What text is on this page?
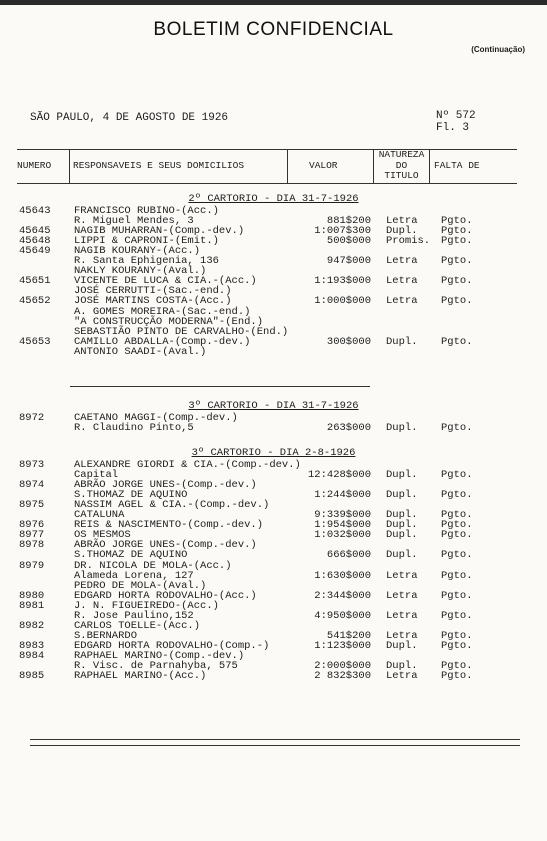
BOLETIM CONFIDENCIAL
(Continuação)
SÃO PAULO, 4 DE AGOSTO DE 1926	Nº 572
Fl. 3
NUMERO RESPONSAVEIS E SEUS DOMICILIOS	VALOR
NATUREZA
DO
TITULO
FALTA DE
2º CARTORIO - DIA 31-7-1926
45643 FRANCISCO RUBINO-(Acc.)
R. Miguel Mendes, 3	881$200 Letra Pgto.
45645 NAGIB MUHARRAN-(Comp.-dev.)	1:007$300 Dupl. Pgto.
45648 LIPPI & CAPRONI-(Emit.)	500$000 Promis. Pgto.
45649 NAGIB KOURANY-(Acc.)
R. Santa Ephigenia, 136	947$000 Letra Pgto.
NAKLY KOURANY-(Aval.)
45651 VICENTE DE LUCA & CIA.-(Acc.)	1:193$000 Letra Pgto.
JOSÉ CERRUTTI-(Sac.-end.)
45652 JOSÉ MARTINS COSTA-(Acc.)	1:000$000 Letra Pgto.
A. GOMES MOREIRA-(Sac.-end.)
"A CONSTRUCÇÃO MODERNA"-(End.)
SEBASTIÃO PINTO DE CARVALHO-(End.)
45653 CAMILLO ABDALLA-(Comp.-dev.)	300$000 Dupl. Pgto.
ANTONIO SAADI-(Aval.)
3º CARTORIO - DIA 31-7-1926
8972	CAETANO MAGGI-(Comp.-dev.)
R. Claudino Pinto,5	263$000 Dupl. Pgto.
3º CARTORIO - DIA 2-8-1926
8973	ALEXANDRE GIORDI & CIA.-(Comp.-dev.)
Capital	12:428$000 Dupl. Pgto.
8974	ABRÃO JORGE UNES-(Comp.-dev.)
S.THOMAZ DE AQUINO	1:244$000 Dupl. Pgto.
8975	NASSIM AGEL & CIA.-(Comp.-dev.)
CATALUNA	9:339$000 Dupl. Pgto.
8976	REIS & NASCIMENTO-(Comp.-dev.)	1:954$000 Dupl. Pgto.
8977	OS MESMOS	1:032$000 Dupl. Pgto.
8978	ABRÃO JORGE UNES-(Comp.-dev.)
S.THOMAZ DE AQUINO	666$000 Dupl. Pgto.
8979	DR. NICOLA DE MOLA-(Acc.)
Alameda Lorena, 127	1:630$000 Letra Pgto.
PEDRO DE MOLA-(Aval.)
8980	EDGARD HORTA RODOVALHO-(Acc.)	2:344$000 Letra Pgto.
8981	J. N. FIGUEIREDO-(Acc.)
R. Jose Paulino,152	4:950$000 Letra Pgto.
8982	CARLOS TOELLE-(Acc.)
S.BERNARDO	541$200 Letra Pgto.
8983	EDGARD HORTA RODOVALHO-(Comp.-)	1:123$000 Dupl. Pgto.
8984	RAPHAEL MARINO-(Comp.-dev.)
R. Visc. de Parnahyba, 575	2:000$000 Dupl. Pgto.
8985	RAPHAEL MARINO-(Acc.)	2 832$300 Letra Pgto.
